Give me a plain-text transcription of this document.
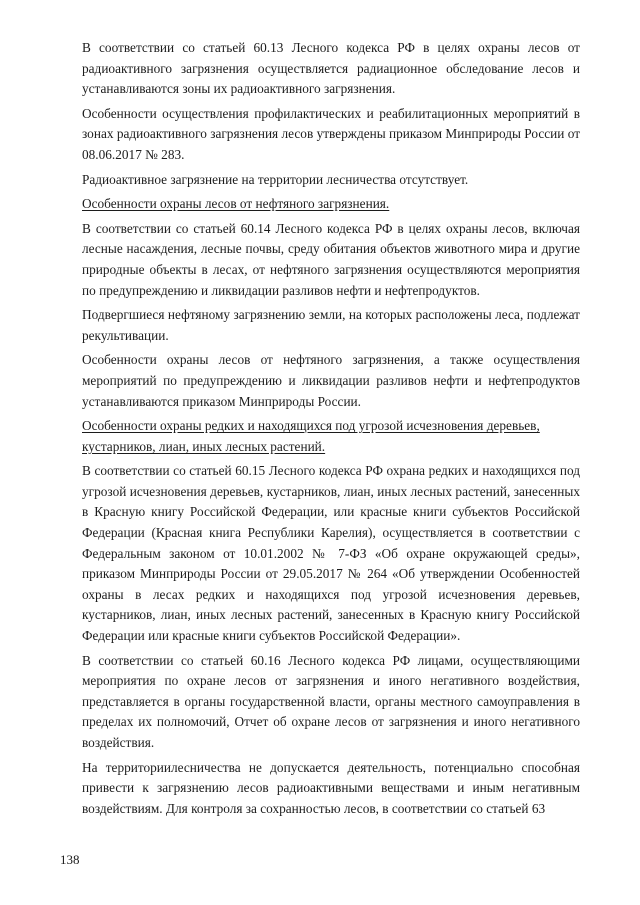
В соответствии со статьей 60.13 Лесного кодекса РФ в целях охраны лесов от радиоактивного загрязнения осуществляется радиационное обследование лесов и устанавливаются зоны их радиоактивного загрязнения.

Особенности осуществления профилактических и реабилитационных мероприятий в зонах радиоактивного загрязнения лесов утверждены приказом Минприроды России от 08.06.2017 № 283.

Радиоактивное загрязнение на территории лесничества отсутствует.

Особенности охраны лесов от нефтяного загрязнения.

В соответствии со статьей 60.14 Лесного кодекса РФ в целях охраны лесов, включая лесные насаждения, лесные почвы, среду обитания объектов животного мира и другие природные объекты в лесах, от нефтяного загрязнения осуществляются мероприятия по предупреждению и ликвидации разливов нефти и нефтепродуктов.

Подвергшиеся нефтяному загрязнению земли, на которых расположены леса, подлежат рекультивации.

Особенности охраны лесов от нефтяного загрязнения, а также осуществления мероприятий по предупреждению и ликвидации разливов нефти и нефтепродуктов устанавливаются приказом Минприроды России.

Особенности охраны редких и находящихся под угрозой исчезновения деревьев, кустарников, лиан, иных лесных растений.

В соответствии со статьей 60.15 Лесного кодекса РФ охрана редких и находящихся под угрозой исчезновения деревьев, кустарников, лиан, иных лесных растений, занесенных в Красную книгу Российской Федерации, или красные книги субъектов Российской Федерации (Красная книга Республики Карелия), осуществляется в соответствии с Федеральным законом от 10.01.2002 № 7-ФЗ «Об охране окружающей среды», приказом Минприроды России от 29.05.2017 № 264 «Об утверждении Особенностей охраны в лесах редких и находящихся под угрозой исчезновения деревьев, кустарников, лиан, иных лесных растений, занесенных в Красную книгу Российской Федерации или красные книги субъектов Российской Федерации».

В соответствии со статьей 60.16 Лесного кодекса РФ лицами, осуществляющими мероприятия по охране лесов от загрязнения и иного негативного воздействия, представляется в органы государственной власти, органы местного самоуправления в пределах их полномочий, Отчет об охране лесов от загрязнения и иного негативного воздействия.

На территориилесничества не допускается деятельность, потенциально способная привести к загрязнению лесов радиоактивными веществами и иным негативным воздействиям. Для контроля за сохранностью лесов, в соответствии со статьей 63

138
